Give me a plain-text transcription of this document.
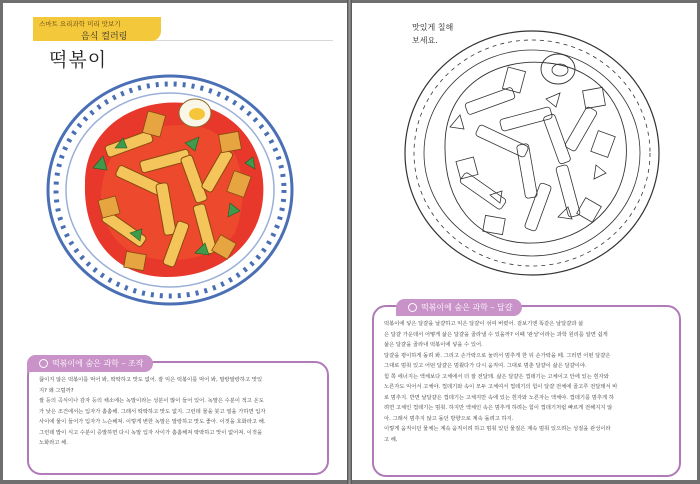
스마트 요리과학 미리 맛보기
음식 컬러링
떡볶이
떡볶이에 숨은 과학 – 조작
끓이지 않은 떡볶이를 먹어 봐, 딱딱하고 맛도 없어. 잘 익은 떡볶이를 먹어 봐, 말랑말랑하고 맛있
지? 왜 그럴까?
쌀 등의 곡식이나 감자 등의 채소에는 녹말이라는 성분이 많이 들어 있어. 녹말은 수분이 적고 온도
가 낮은 조건에서는 입자가 촘촘해. 그래서 딱딱하고 맛도 없지. 그런데 물을 붓고 열을 가하면 입자
사이에 물이 들어가 입자가 느슨해져. 이렇게 변한 녹말은 말랑하고 맛도 좋아. 이것을 호화라고 해.
그런데 밥이 식고 수분이 증발하면 다시 녹말 입자 사이가 촘촘해져 딱딱하고 맛이 없어져. 이것을
노화라고 해.
맛있게 칠해
보세요.
떡볶이에 숨은 과학 – 달걀
떡볶이에 넣은 달걀을 날걀하고 익은 달걀이 섞여 버렸어. 겉보기엔 똑같은 날달걀과 삶
은 달걀 가운데서 어떻게 삶은 달걀을 골라낼 수 있을까? 이때 '관성'이라는 과학 원리를 알면 쉽게
삶은 달걀을 골라내 떡볶이에 넣을 수 있어.
달걀을 평이하게 돌려 봐. 그리고 손가락으로 눌러서 멈추게 한 뒤 손가락을 떼. 그러면 어떤 달걀은
그대로 멈춰 있고 어떤 달걀은 멈췄다가 다시 움직여. 그대로 멈춘 달걀이 삶은 달걀이야.
힘 쪽 에너지는 액체보다 고체에서 더 잘 전달돼. 삶은 달걀은 껍데기는 고체이고 안에 있는 흰자와
노른자도 익어서 고체야. 껍데기와 속이 모두 고체여서 껍데기의 힘이 달걀 전체에 골고루 전달돼서 바
로 멈추지. 반면 날달걀은 껍데기는 고체지만 속에 있는 흰자와 노른자는 액체야. 껍데기를 멈추게 하
려면 고체인 껍데기는 멈춰. 하지만 액체인 속은 멈추게 하려는 힘이 껍데기처럼 빠르게 전해지지 않
아. 그래서 멈추지 않고 돌던 방향으로 계속 돌려고 하지.
이렇게 움직이던 물체는 계속 움직이려 하고 멈춰 있던 물질은 계속 멈춰 있으려는 성질을 관성이라
고 해.
